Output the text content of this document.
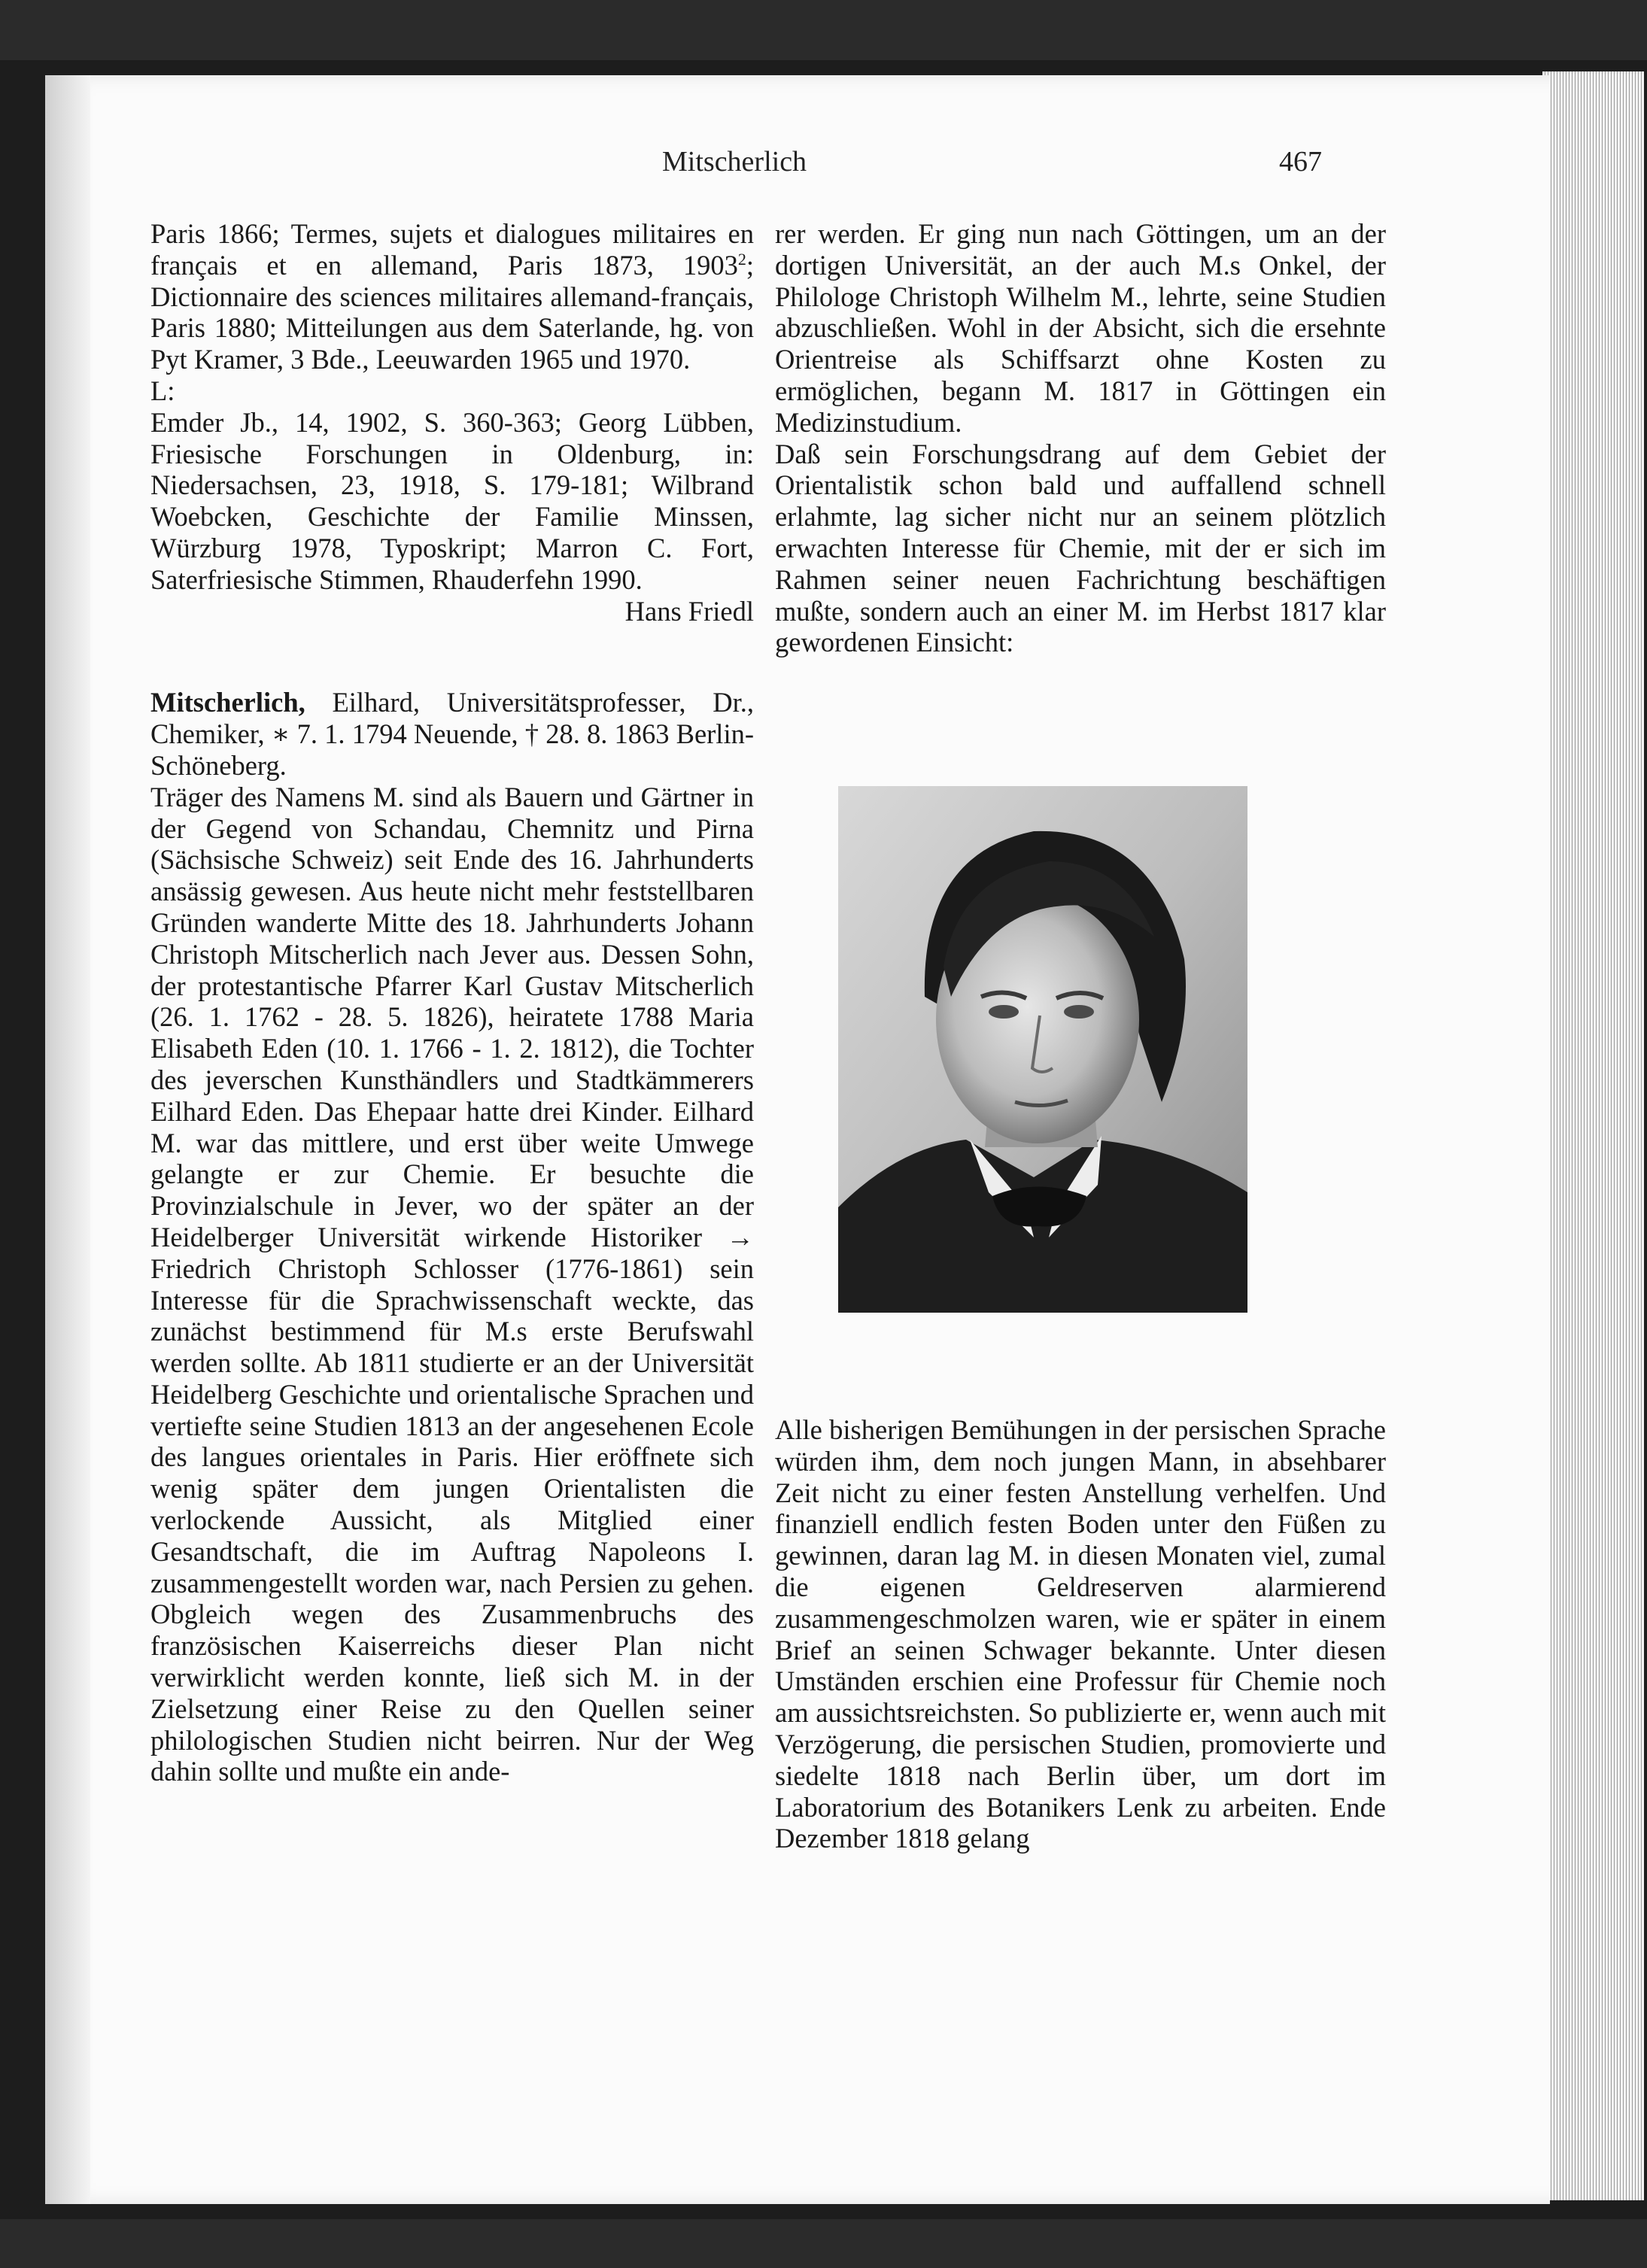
Mitscherlich	467

Paris 1866; Termes, sujets et dialogues militaires en français et en allemand, Paris 1873, 1903$^2$; Dictionnaire des sciences militaires allemand-français, Paris 1880; Mitteilungen aus dem Saterlande, hg. von Pyt Kramer, 3 Bde., Leeuwarden 1965 und 1970.

L:

Emder Jb., 14, 1902, S. 360-363; Georg Lübben, Friesische Forschungen in Oldenburg, in: Niedersachsen, 23, 1918, S. 179-181; Wilbrand Woebcken, Geschichte der Familie Minssen, Würzburg 1978, Typoskript; Marron C. Fort, Saterfriesische Stimmen, Rhauderfehn 1990.

Hans Friedl

Mitscherlich, Eilhard, Universitätsprofesser, Dr., Chemiker, ∗ 7. 1. 1794 Neuende, † 28. 8. 1863 Berlin-Schöneberg.

Träger des Namens M. sind als Bauern und Gärtner in der Gegend von Schandau, Chemnitz und Pirna (Sächsische Schweiz) seit Ende des 16. Jahrhunderts ansässig gewesen. Aus heute nicht mehr feststellbaren Gründen wanderte Mitte des 18. Jahrhunderts Johann Christoph Mitscherlich nach Jever aus. Dessen Sohn, der protestantische Pfarrer Karl Gustav Mitscherlich (26. 1. 1762 - 28. 5. 1826), heiratete 1788 Maria Elisabeth Eden (10. 1. 1766 - 1. 2. 1812), die Tochter des jeverschen Kunsthändlers und Stadtkämmerers Eilhard Eden. Das Ehepaar hatte drei Kinder. Eilhard M. war das mittlere, und erst über weite Umwege gelangte er zur Chemie. Er besuchte die Provinzialschule in Jever, wo der später an der Heidelberger Universität wirkende Historiker → Friedrich Christoph Schlosser (1776-1861) sein Interesse für die Sprachwissenschaft weckte, das zunächst bestimmend für M.s erste Berufswahl werden sollte. Ab 1811 studierte er an der Universität Heidelberg Geschichte und orientalische Sprachen und vertiefte seine Studien 1813 an der angesehenen Ecole des langues orientales in Paris. Hier eröffnete sich wenig später dem jungen Orientalisten die verlockende Aussicht, als Mitglied einer Gesandtschaft, die im Auftrag Napoleons I. zusammengestellt worden war, nach Persien zu gehen. Obgleich wegen des Zusammenbruchs des französischen Kaiserreichs dieser Plan nicht verwirklicht werden konnte, ließ sich M. in der Zielsetzung einer Reise zu den Quellen seiner philologischen Studien nicht beirren. Nur der Weg dahin sollte und mußte ein ande-

rer werden. Er ging nun nach Göttingen, um an der dortigen Universität, an der auch M.s Onkel, der Philologe Christoph Wilhelm M., lehrte, seine Studien abzuschließen. Wohl in der Absicht, sich die ersehnte Orientreise als Schiffsarzt ohne Kosten zu ermöglichen, begann M. 1817 in Göttingen ein Medizinstudium.

Daß sein Forschungsdrang auf dem Gebiet der Orientalistik schon bald und auffallend schnell erlahmte, lag sicher nicht nur an seinem plötzlich erwachten Interesse für Chemie, mit der er sich im Rahmen seiner neuen Fachrichtung beschäftigen mußte, sondern auch an einer M. im Herbst 1817 klar gewordenen Einsicht:

Alle bisherigen Bemühungen in der persischen Sprache würden ihm, dem noch jungen Mann, in absehbarer Zeit nicht zu einer festen Anstellung verhelfen. Und finanziell endlich festen Boden unter den Füßen zu gewinnen, daran lag M. in diesen Monaten viel, zumal die eigenen Geldreserven alarmierend zusammengeschmolzen waren, wie er später in einem Brief an seinen Schwager bekannte. Unter diesen Umständen erschien eine Professur für Chemie noch am aussichtsreichsten. So publizierte er, wenn auch mit Verzögerung, die persischen Studien, promovierte und siedelte 1818 nach Berlin über, um dort im Laboratorium des Botanikers Lenk zu arbeiten. Ende Dezember 1818 gelang
